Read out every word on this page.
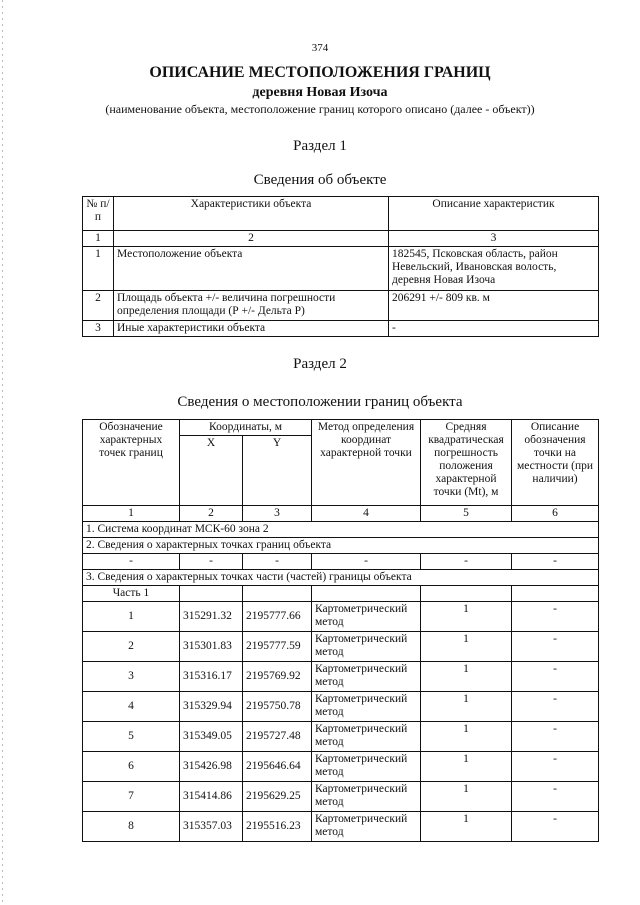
374
ОПИСАНИЕ МЕСТОПОЛОЖЕНИЯ ГРАНИЦ
деревня Новая Изоча
(наименование объекта, местоположение границ которого описано (далее - объект))
Раздел 1
Сведения об объекте
№ п/п	Характеристики объекта	Описание характеристик
1	2	3
1	Местоположение объекта	182545, Псковская область, район Невельский, Ивановская волость, деревня Новая Изоча
2	Площадь объекта +/- величина погрешности определения площади (Р +/- Дельта Р)	206291 +/- 809 кв. м
3	Иные характеристики объекта	-
Раздел 2
Сведения о местоположении границ объекта
Обозначение характерных точек границ	Координаты, м		Метод определения координат характерной точки	Средняя квадратическая погрешность положения характерной точки (Mt), м	Описание обозначения точки на местности (при наличии)
	X	Y			
1	2	3	4	5	6
1. Система координат МСК-60 зона 2					
2. Сведения о характерных точках границ объекта					
-	-	-	-	-	-
3. Сведения о характерных точках части (частей) границы объекта					
Часть 1					
1	315291.32	2195777.66	Картометрический метод	1	-
2	315301.83	2195777.59	Картометрический метод	1	-
3	315316.17	2195769.92	Картометрический метод	1	-
4	315329.94	2195750.78	Картометрический метод	1	-
5	315349.05	2195727.48	Картометрический метод	1	-
6	315426.98	2195646.64	Картометрический метод	1	-
7	315414.86	2195629.25	Картометрический метод	1	-
8	315357.03	2195516.23	Картометрический метод	1	-
